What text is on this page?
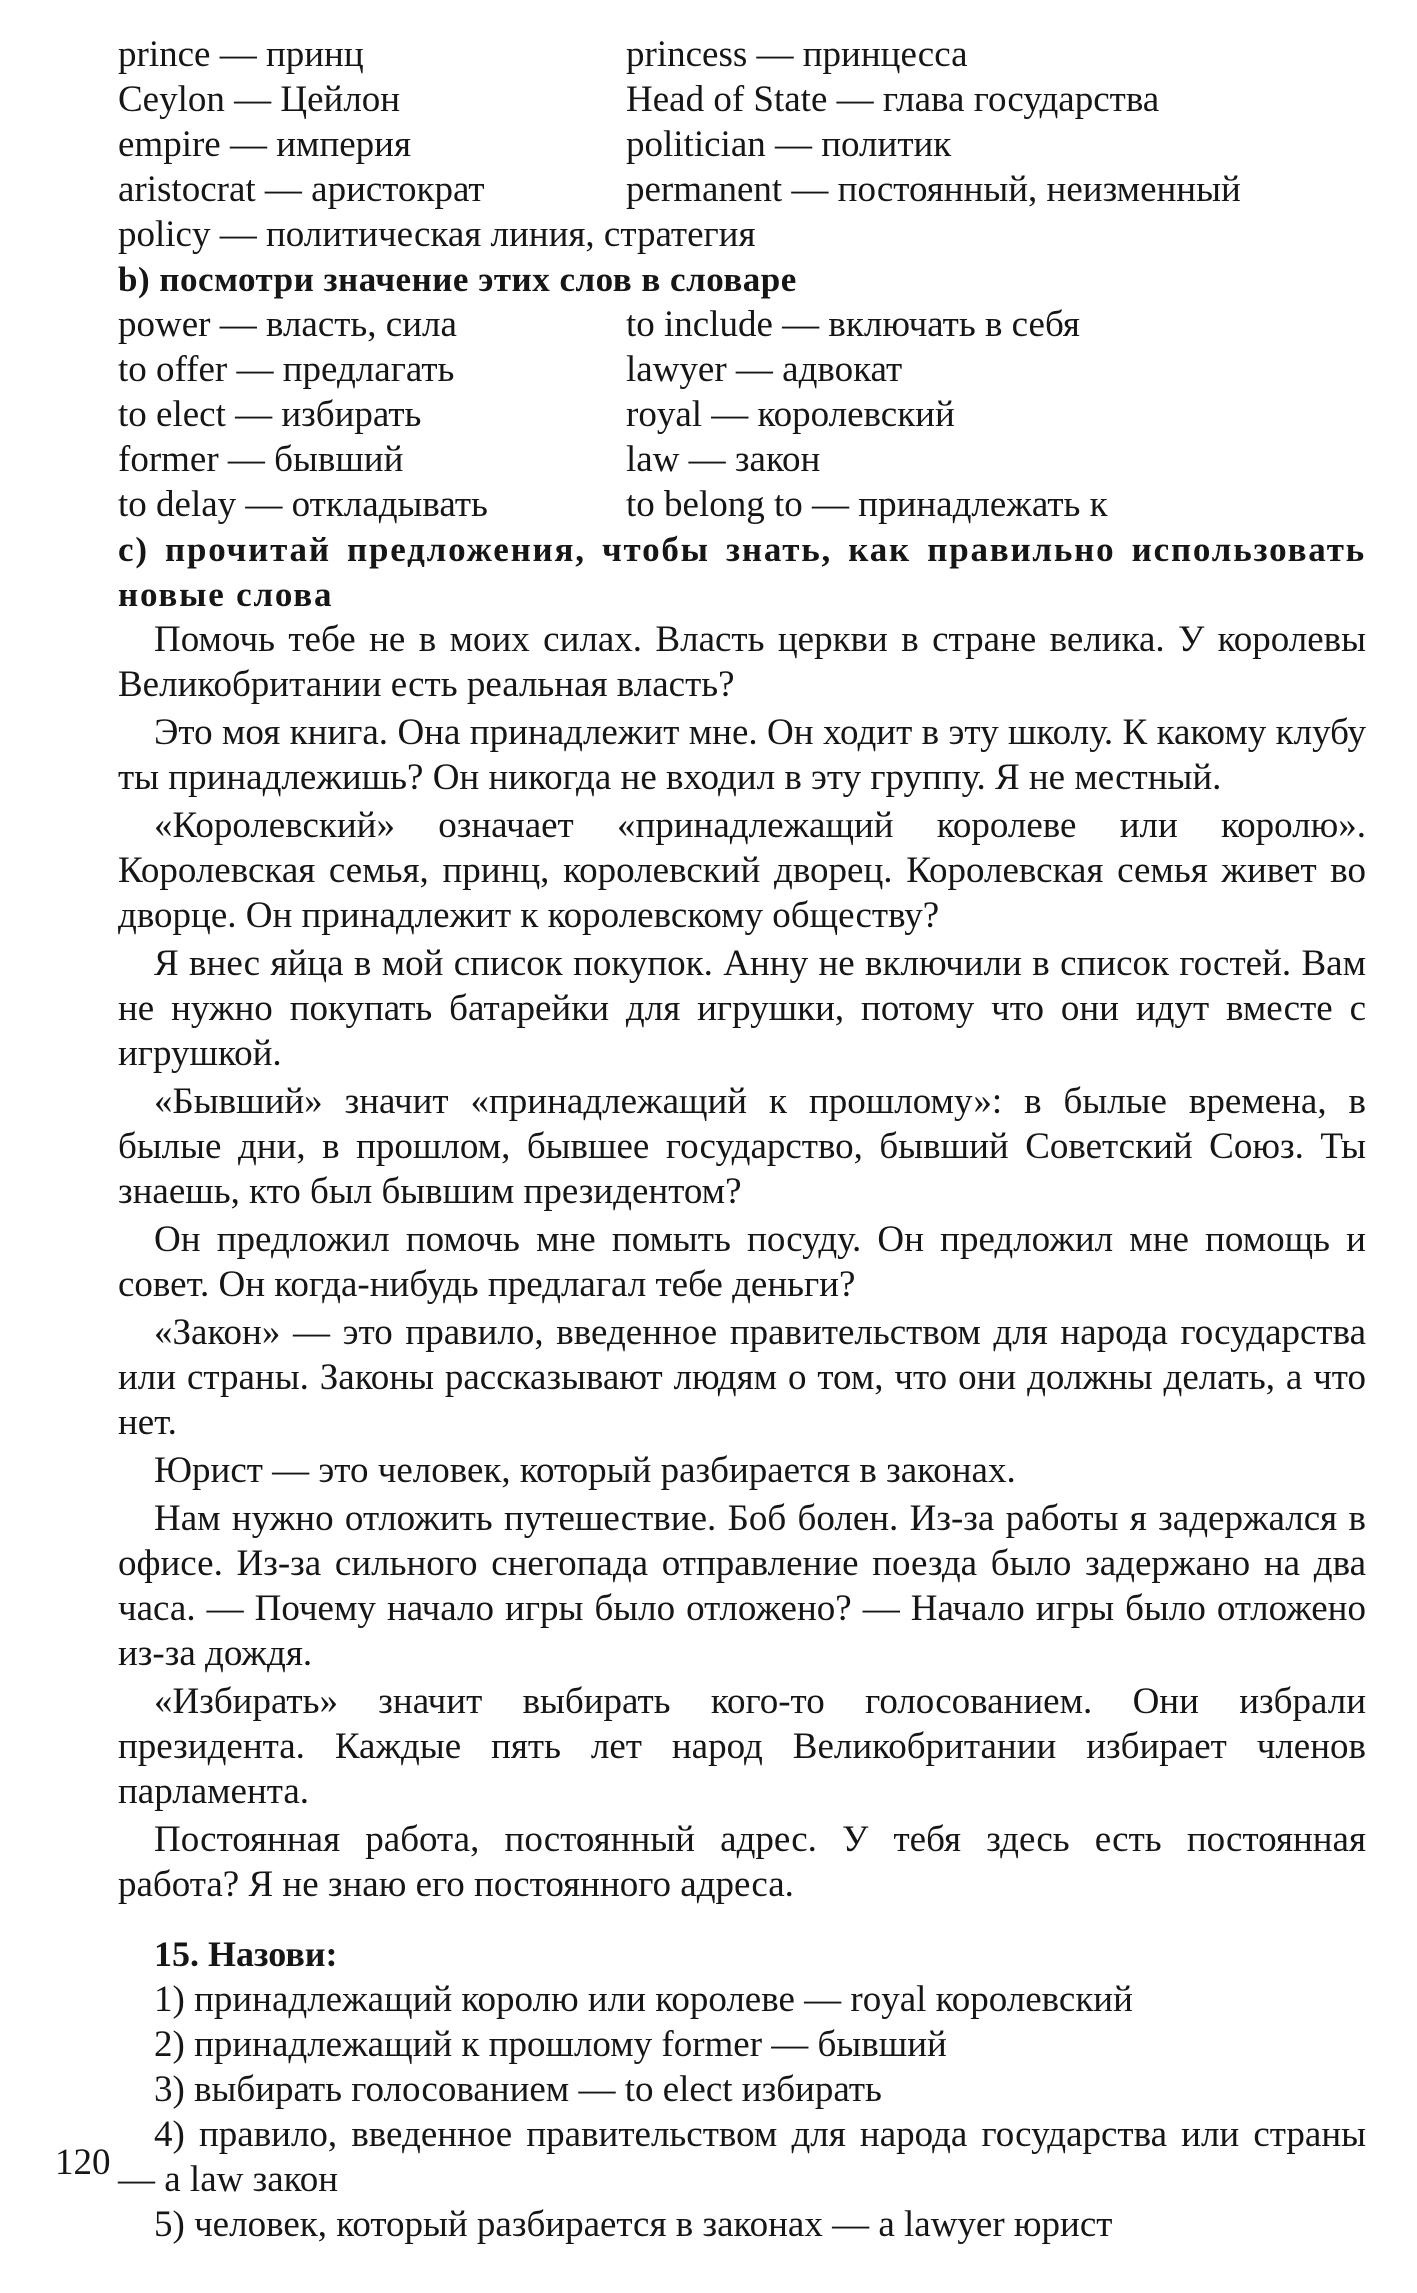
prince — принц	princess — принцесса
Ceylon — Цейлон	Head of State — глава государства
empire — империя	politician — политик
aristocrat — аристократ	permanent — постоянный, неизменный
policy — политическая линия, стратегия
b) посмотри значение этих слов в словаре
power — власть, сила	to include — включать в себя
to offer — предлагать	lawyer — адвокат
to elect — избирать	royal — королевский
former — бывший	law — закон
to delay — откладывать	to belong to — принадлежать к
c) прочитай предложения, чтобы знать, как правильно использовать новые слова

Помочь тебе не в моих силах. Власть церкви в стране велика. У королевы Великобритании есть реальная власть?

Это моя книга. Она принадлежит мне. Он ходит в эту школу. К какому клубу ты принадлежишь? Он никогда не входил в эту группу. Я не местный.

«Королевский» означает «принадлежащий королеве или королю». Королевская семья, принц, королевский дворец. Королевская семья живет во дворце. Он принадлежит к королевскому обществу?

Я внес яйца в мой список покупок. Анну не включили в список гостей. Вам не нужно покупать батарейки для игрушки, потому что они идут вместе с игрушкой.

«Бывший» значит «принадлежащий к прошлому»: в былые времена, в былые дни, в прошлом, бывшее государство, бывший Советский Союз. Ты знаешь, кто был бывшим президентом?

Он предложил помочь мне помыть посуду. Он предложил мне помощь и совет. Он когда-нибудь предлагал тебе деньги?

«Закон» — это правило, введенное правительством для народа государства или страны. Законы рассказывают людям о том, что они должны делать, а что нет.

Юрист — это человек, который разбирается в законах.

Нам нужно отложить путешествие. Боб болен. Из-за работы я задержался в офисе. Из-за сильного снегопада отправление поезда было задержано на два часа. — Почему начало игры было отложено? — Начало игры было отложено из-за дождя.

«Избирать» значит выбирать кого-то голосованием. Они избрали президента. Каждые пять лет народ Великобритании избирает членов парламента.

Постоянная работа, постоянный адрес. У тебя здесь есть постоянная работа? Я не знаю его постоянного адреса.

15. Назови:
1) принадлежащий королю или королеве — royal королевский
2) принадлежащий к прошлому former — бывший
3) выбирать голосованием — to elect избирать
4) правило, введенное правительством для народа государства или страны — a law закон
5) человек, который разбирается в законах — a lawyer юрист
120
